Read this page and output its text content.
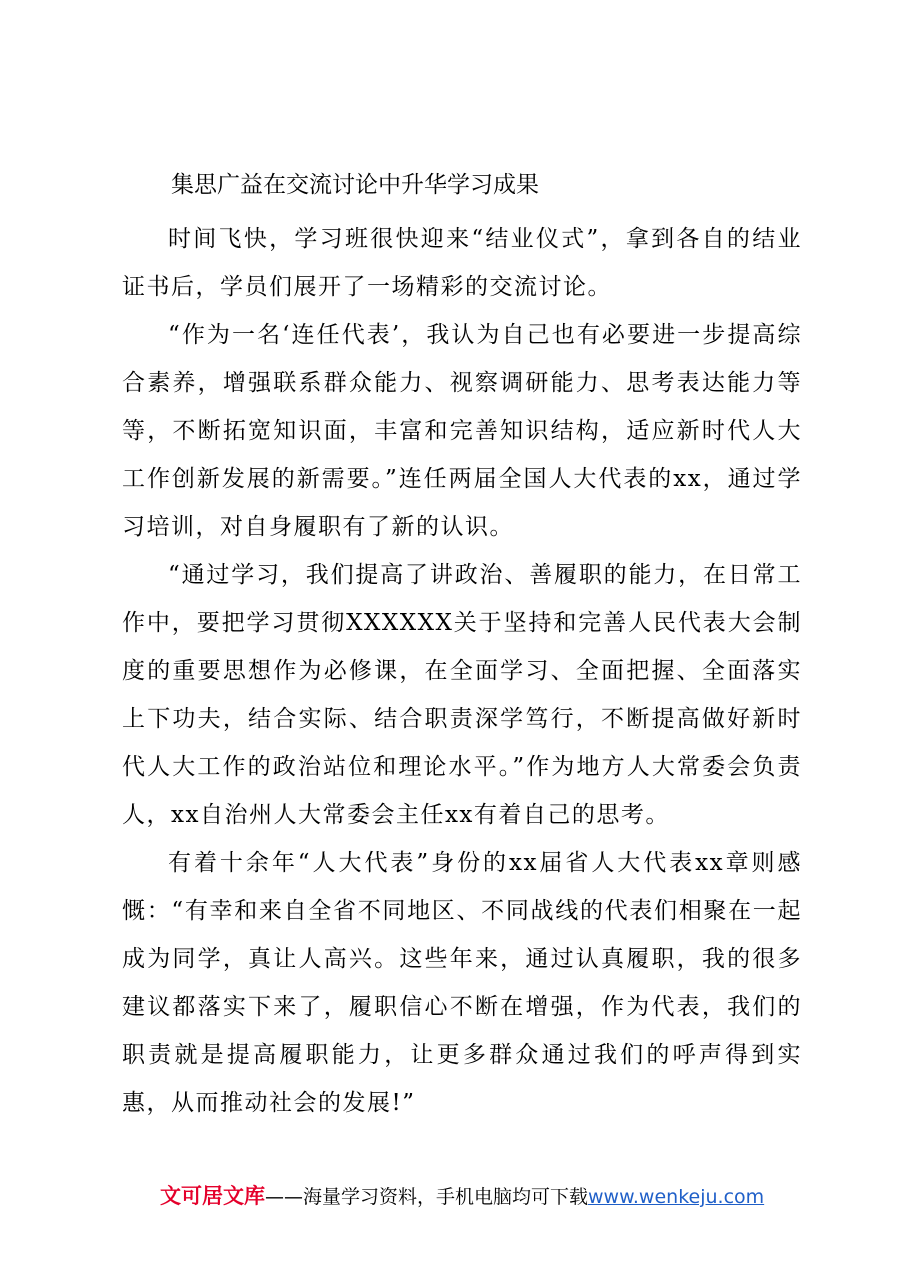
集思广益在交流讨论中升华学习成果

时间飞快，学习班很快迎来“结业仪式”，拿到各自的结业证书后，学员们展开了一场精彩的交流讨论。

“作为一名‘连任代表’，我认为自己也有必要进一步提高综合素养，增强联系群众能力、视察调研能力、思考表达能力等等，不断拓宽知识面，丰富和完善知识结构，适应新时代人大工作创新发展的新需要。”连任两届全国人大代表的xx，通过学习培训，对自身履职有了新的认识。

“通过学习，我们提高了讲政治、善履职的能力，在日常工作中，要把学习贯彻XXXXXX关于坚持和完善人民代表大会制度的重要思想作为必修课，在全面学习、全面把握、全面落实上下功夫，结合实际、结合职责深学笃行，不断提高做好新时代人大工作的政治站位和理论水平。”作为地方人大常委会负责人，xx自治州人大常委会主任xx有着自己的思考。

有着十余年“人大代表”身份的xx届省人大代表xx章则感慨：“有幸和来自全省不同地区、不同战线的代表们相聚在一起成为同学，真让人高兴。这些年来，通过认真履职，我的很多建议都落实下来了，履职信心不断在增强，作为代表，我们的职责就是提高履职能力，让更多群众通过我们的呼声得到实惠，从而推动社会的发展!”

文可居文库——海量学习资料，手机电脑均可下载www.wenkeju.com
